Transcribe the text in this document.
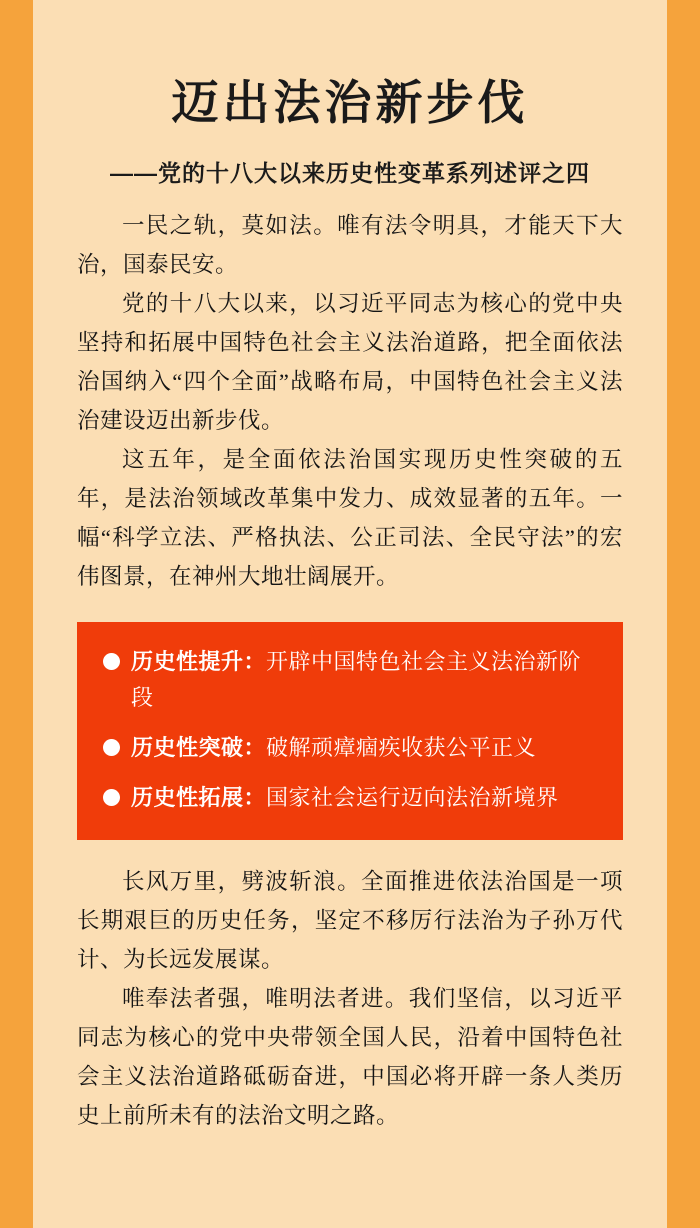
迈出法治新步伐
——党的十八大以来历史性变革系列述评之四

一民之轨，莫如法。唯有法令明具，才能天下大治，国泰民安。

党的十八大以来，以习近平同志为核心的党中央坚持和拓展中国特色社会主义法治道路，把全面依法治国纳入“四个全面”战略布局，中国特色社会主义法治建设迈出新步伐。

这五年，是全面依法治国实现历史性突破的五年，是法治领域改革集中发力、成效显著的五年。一幅“科学立法、严格执法、公正司法、全民守法”的宏伟图景，在神州大地壮阔展开。

历史性提升：开辟中国特色社会主义法治新阶段
历史性突破：破解顽瘴痼疾收获公平正义
历史性拓展：国家社会运行迈向法治新境界

长风万里，劈波斩浪。全面推进依法治国是一项长期艰巨的历史任务，坚定不移厉行法治为子孙万代计、为长远发展谋。

唯奉法者强，唯明法者进。我们坚信，以习近平同志为核心的党中央带领全国人民，沿着中国特色社会主义法治道路砥砺奋进，中国必将开辟一条人类历史上前所未有的法治文明之路。
